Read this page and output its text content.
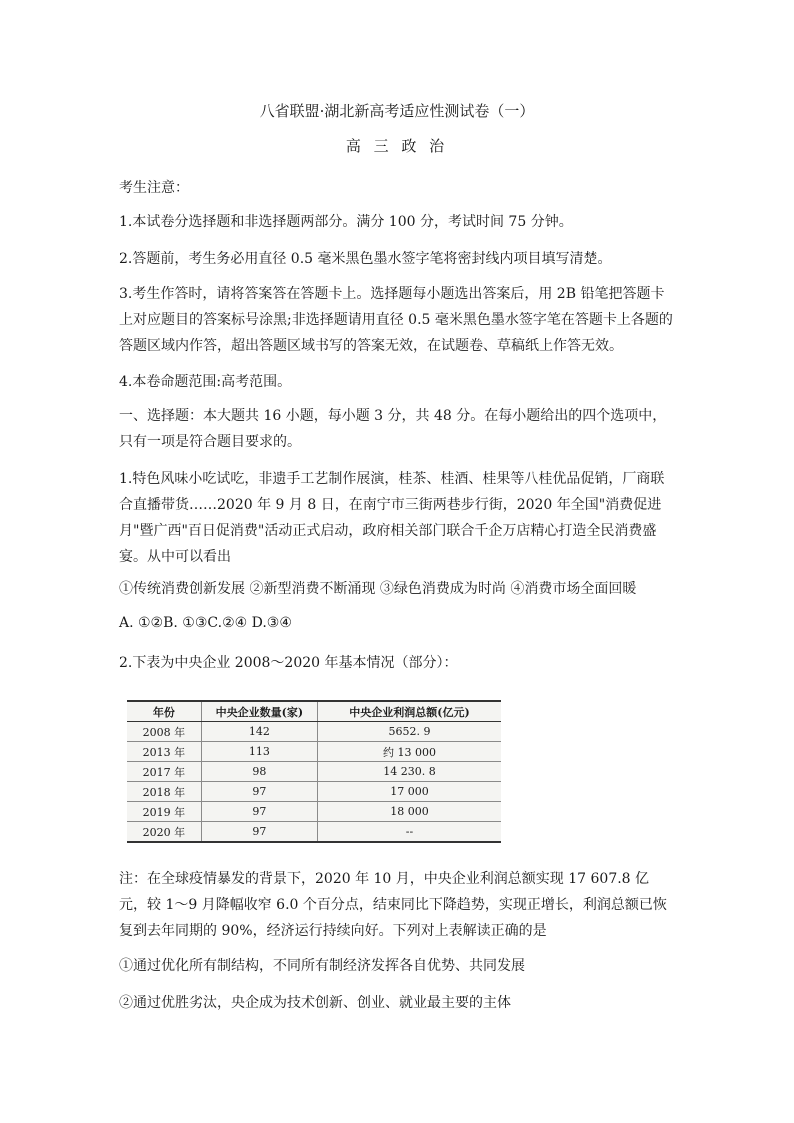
八省联盟·湖北新高考适应性测试卷（一）
高 三 政 治
考生注意：
1.本试卷分选择题和非选择题两部分。满分 100 分，考试时间 75 分钟。
2.答题前，考生务必用直径 0.5 毫米黑色墨水签字笔将密封线内项目填写清楚。
3.考生作答时，请将答案答在答题卡上。选择题每小题选出答案后，用 2B 铅笔把答题卡上对应题目的答案标号涂黑;非选择题请用直径 0.5 毫米黑色墨水签字笔在答题卡上各题的答题区域内作答，超出答题区域书写的答案无效，在试题卷、草稿纸上作答无效。
4.本卷命题范围:高考范围。
一、选择题：本大题共 16 小题，每小题 3 分，共 48 分。在每小题给出的四个选项中，只有一项是符合题目要求的。
1.特色风味小吃试吃，非遗手工艺制作展演，桂茶、桂酒、桂果等八桂优品促销，厂商联合直播带货……2020 年 9 月 8 日，在南宁市三街两巷步行街，2020 年全国"消费促进月"暨广西"百日促消费"活动正式启动，政府相关部门联合千企万店精心打造全民消费盛宴。从中可以看出
①传统消费创新发展 ②新型消费不断涌现 ③绿色消费成为时尚 ④消费市场全面回暖
A. ①②B. ①③C.②④ D.③④
2.下表为中央企业 2008～2020 年基本情况（部分）：
年份	中央企业数量(家)	中央企业利润总额(亿元)
2008 年	142	5652. 9
2013 年	113	约 13 000
2017 年	98	14 230. 8
2018 年	97	17 000
2019 年	97	18 000
2020 年	97	--
注：在全球疫情暴发的背景下，2020 年 10 月，中央企业利润总额实现 17 607.8 亿元，较 1～9 月降幅收窄 6.0 个百分点，结束同比下降趋势，实现正增长，利润总额已恢复到去年同期的 90%，经济运行持续向好。下列对上表解读正确的是
①通过优化所有制结构，不同所有制经济发挥各自优势、共同发展
②通过优胜劣汰，央企成为技术创新、创业、就业最主要的主体
